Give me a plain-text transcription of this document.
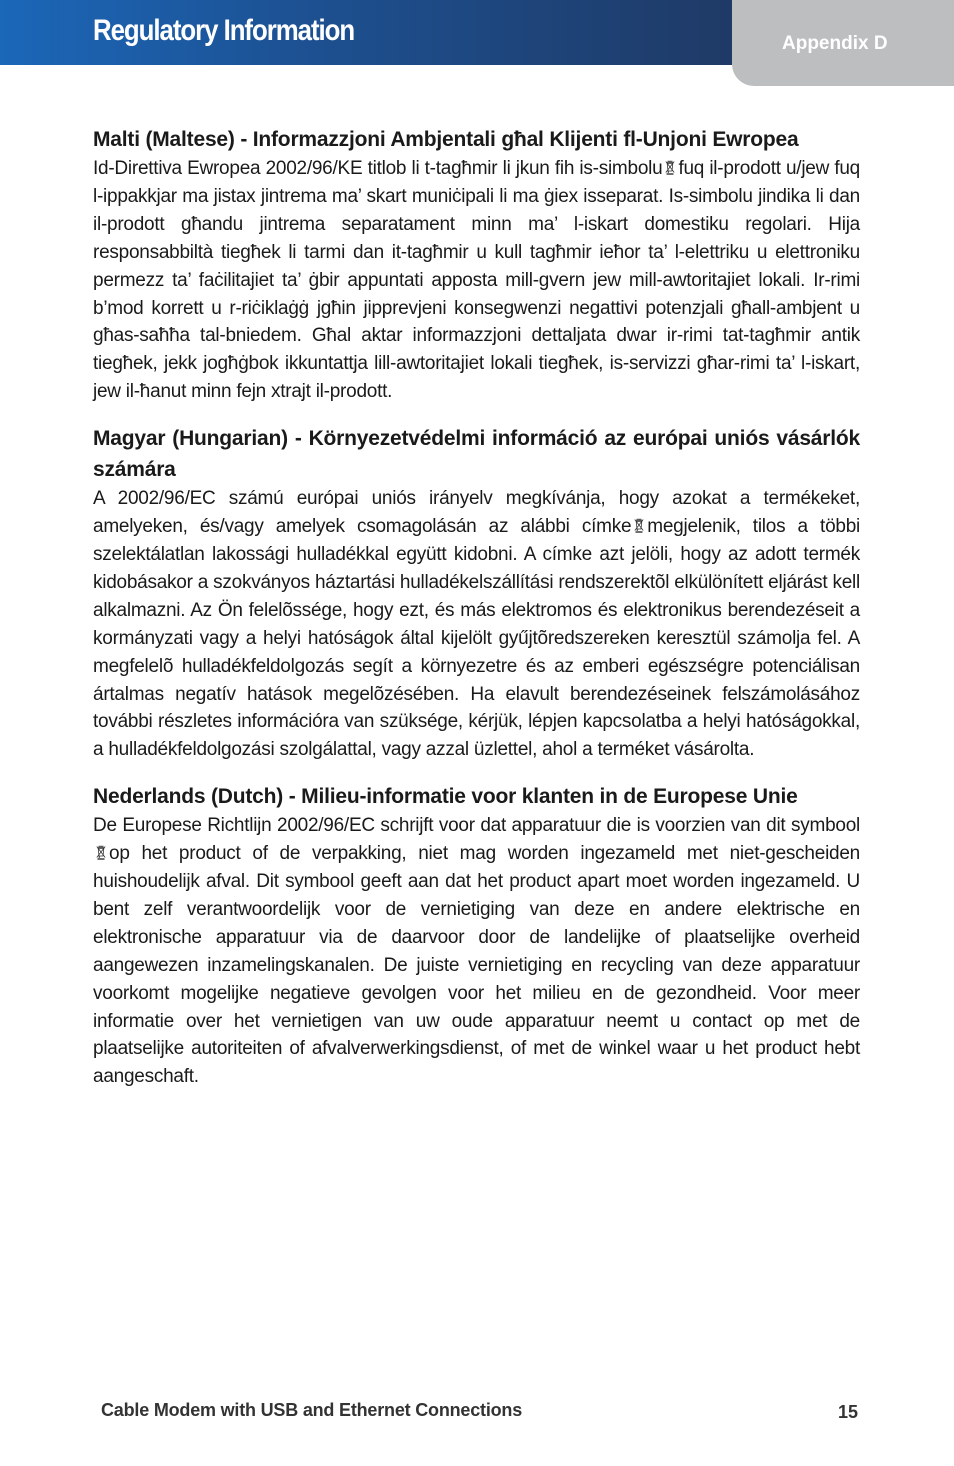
Regulatory Information	Appendix D
Malti (Maltese) - Informazzjoni Ambjentali għal Klijenti fl-Unjoni Ewropea

Id-Direttiva Ewropea 2002/96/KE titlob li t-tagħmir li jkun fih is-simbolu fuq il-prodott u/jew fuq l-ippakkjar ma jistax jintrema ma’ skart muniċipali li ma ġiex isseparat. Is-simbolu jindika li dan il-prodott għandu jintrema separatament minn ma’ l-iskart domestiku regolari. Hija responsabbiltà tiegħek li tarmi dan it-tagħmir u kull tagħmir ieħor ta’ l-elettriku u elettroniku permezz ta’ faċilitajiet ta’ ġbir appuntati apposta mill-gvern jew mill-awtoritajiet lokali. Ir-rimi b’mod korrett u r-riċiklaġġ jgħin jipprevjeni konsegwenzi negattivi potenzjali għall-ambjent u għas-saħħa tal-bniedem. Għal aktar informazzjoni dettaljata dwar ir-rimi tat-tagħmir antik tiegħek, jekk jogħġbok ikkuntattja lill-awtoritajiet lokali tiegħek, is-servizzi għar-rimi ta’ l-iskart, jew il-ħanut minn fejn xtrajt il-prodott.

Magyar (Hungarian) - Környezetvédelmi információ az európai uniós vásárlók számára

A 2002/96/EC számú európai uniós irányelv megkívánja, hogy azokat a termékeket, amelyeken, és/vagy amelyek csomagolásán az alábbi címke megjelenik, tilos a többi szelektálatlan lakossági hulladékkal együtt kidobni. A címke azt jelöli, hogy az adott termék kidobásakor a szokványos háztartási hulladékelszállítási rendszerektõl elkülönített eljárást kell alkalmazni. Az Ön felelõssége, hogy ezt, és más elektromos és elektronikus berendezéseit a kormányzati vagy a helyi hatóságok által kijelölt gyűjtõredszereken keresztül számolja fel. A megfelelõ hulladékfeldolgozás segít a környezetre és az emberi egészségre potenciálisan ártalmas negatív hatások megelõzésében. Ha elavult berendezéseinek felszámolásához további részletes információra van szüksége, kérjük, lépjen kapcsolatba a helyi hatóságokkal, a hulladékfeldolgozási szolgálattal, vagy azzal üzlettel, ahol a terméket vásárolta.

Nederlands (Dutch) - Milieu-informatie voor klanten in de Europese Unie

De Europese Richtlijn 2002/96/EC schrijft voor dat apparatuur die is voorzien van dit symboolop het product of de verpakking, niet mag worden ingezameld met niet-gescheiden huishoudelijk afval. Dit symbool geeft aan dat het product apart moet worden ingezameld. U bent zelf verantwoordelijk voor de vernietiging van deze en andere elektrische en elektronische apparatuur via de daarvoor door de landelijke of plaatselijke overheid aangewezen inzamelingskanalen. De juiste vernietiging en recycling van deze apparatuur voorkomt mogelijke negatieve gevolgen voor het milieu en de gezondheid. Voor meer informatie over het vernietigen van uw oude apparatuur neemt u contact op met de plaatselijke autoriteiten of afvalverwerkingsdienst, of met de winkel waar u het product hebt aangeschaft.

Cable Modem with USB and Ethernet Connections	15
